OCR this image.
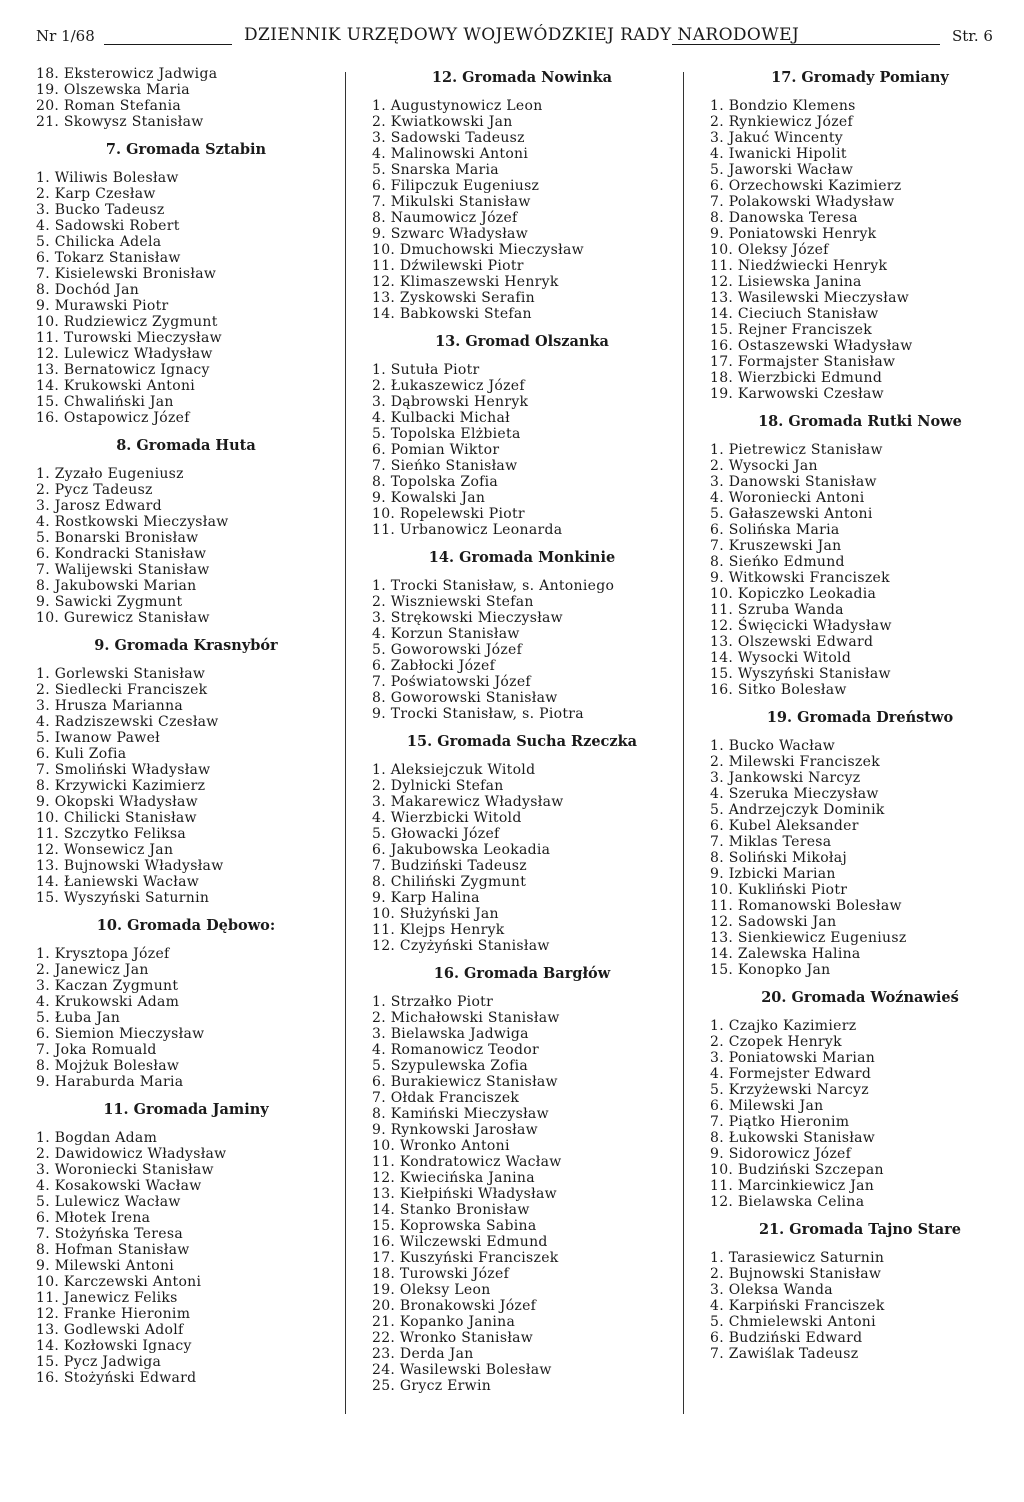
Nr 1/68	DZIENNIK URZĘDOWY WOJEWÓDZKIEJ RADY NARODOWEJ	Str. 6
18. Eksterowicz Jadwiga
19. Olszewska Maria
20. Roman Stefania
21. Skowysz Stanisław
7. Gromada Sztabin
1. Wiliwis Bolesław
2. Karp Czesław
3. Bucko Tadeusz
4. Sadowski Robert
5. Chilicka Adela
6. Tokarz Stanisław
7. Kisielewski Bronisław
8. Dochód Jan
9. Murawski Piotr
10. Rudziewicz Zygmunt
11. Turowski Mieczysław
12. Lulewicz Władysław
13. Bernatowicz Ignacy
14. Krukowski Antoni
15. Chwaliński Jan
16. Ostapowicz Józef
8. Gromada Huta
1. Zyzało Eugeniusz
2. Pycz Tadeusz
3. Jarosz Edward
4. Rostkowski Mieczysław
5. Bonarski Bronisław
6. Kondracki Stanisław
7. Walijewski Stanisław
8. Jakubowski Marian
9. Sawicki Zygmunt
10. Gurewicz Stanisław
9. Gromada Krasnybór
1. Gorlewski Stanisław
2. Siedlecki Franciszek
3. Hrusza Marianna
4. Radziszewski Czesław
5. Iwanow Paweł
6. Kuli Zofia
7. Smoliński Władysław
8. Krzywicki Kazimierz
9. Okopski Władysław
10. Chilicki Stanisław
11. Szczytko Feliksa
12. Wonsewicz Jan
13. Bujnowski Władysław
14. Łaniewski Wacław
15. Wyszyński Saturnin
10. Gromada Dębowo:
1. Krysztopa Józef
2. Janewicz Jan
3. Kaczan Zygmunt
4. Krukowski Adam
5. Łuba Jan
6. Siemion Mieczysław
7. Joka Romuald
8. Mojżuk Bolesław
9. Haraburda Maria
11. Gromada Jaminy
1. Bogdan Adam
2. Dawidowicz Władysław
3. Woroniecki Stanisław
4. Kosakowski Wacław
5. Lulewicz Wacław
6. Młotek Irena
7. Stożyńska Teresa
8. Hofman Stanisław
9. Milewski Antoni
10. Karczewski Antoni
11. Janewicz Feliks
12. Franke Hieronim
13. Godlewski Adolf
14. Kozłowski Ignacy
15. Pycz Jadwiga
16. Stożyński Edward
12. Gromada Nowinka
1. Augustynowicz Leon
2. Kwiatkowski Jan
3. Sadowski Tadeusz
4. Malinowski Antoni
5. Snarska Maria
6. Filipczuk Eugeniusz
7. Mikulski Stanisław
8. Naumowicz Józef
9. Szwarc Władysław
10. Dmuchowski Mieczysław
11. Dźwilewski Piotr
12. Klimaszewski Henryk
13. Zyskowski Serafin
14. Babkowski Stefan
13. Gromad Olszanka
1. Sutuła Piotr
2. Łukaszewicz Józef
3. Dąbrowski Henryk
4. Kulbacki Michał
5. Topolska Elżbieta
6. Pomian Wiktor
7. Sieńko Stanisław
8. Topolska Zofia
9. Kowalski Jan
10. Ropelewski Piotr
11. Urbanowicz Leonarda
14. Gromada Monkinie
1. Trocki Stanisław, s. Antoniego
2. Wiszniewski Stefan
3. Strękowski Mieczysław
4. Korzun Stanisław
5. Goworowski Józef
6. Zabłocki Józef
7. Poświatowski Józef
8. Goworowski Stanisław
9. Trocki Stanisław, s. Piotra
15. Gromada Sucha Rzeczka
1. Aleksiejczuk Witold
2. Dylnicki Stefan
3. Makarewicz Władysław
4. Wierzbicki Witold
5. Głowacki Józef
6. Jakubowska Leokadia
7. Budziński Tadeusz
8. Chiliński Zygmunt
9. Karp Halina
10. Służyński Jan
11. Klejps Henryk
12. Czyżyński Stanisław
16. Gromada Bargłów
1. Strzałko Piotr
2. Michałowski Stanisław
3. Bielawska Jadwiga
4. Romanowicz Teodor
5. Szypulewska Zofia
6. Burakiewicz Stanisław
7. Ołdak Franciszek
8. Kamiński Mieczysław
9. Rynkowski Jarosław
10. Wronko Antoni
11. Kondratowicz Wacław
12. Kwiecińska Janina
13. Kiełpiński Władysław
14. Stanko Bronisław
15. Koprowska Sabina
16. Wilczewski Edmund
17. Kuszyński Franciszek
18. Turowski Józef
19. Oleksy Leon
20. Bronakowski Józef
21. Kopanko Janina
22. Wronko Stanisław
23. Derda Jan
24. Wasilewski Bolesław
25. Grycz Erwin
17. Gromady Pomiany
1. Bondzio Klemens
2. Rynkiewicz Józef
3. Jakuć Wincenty
4. Iwanicki Hipolit
5. Jaworski Wacław
6. Orzechowski Kazimierz
7. Polakowski Władysław
8. Danowska Teresa
9. Poniatowski Henryk
10. Oleksy Józef
11. Niedźwiecki Henryk
12. Lisiewska Janina
13. Wasilewski Mieczysław
14. Cieciuch Stanisław
15. Rejner Franciszek
16. Ostaszewski Władysław
17. Formajster Stanisław
18. Wierzbicki Edmund
19. Karwowski Czesław
18. Gromada Rutki Nowe
1. Pietrewicz Stanisław
2. Wysocki Jan
3. Danowski Stanisław
4. Woroniecki Antoni
5. Gałaszewski Antoni
6. Solińska Maria
7. Kruszewski Jan
8. Sieńko Edmund
9. Witkowski Franciszek
10. Kopiczko Leokadia
11. Szruba Wanda
12. Święcicki Władysław
13. Olszewski Edward
14. Wysocki Witold
15. Wyszyński Stanisław
16. Sitko Bolesław
19. Gromada Dreństwo
1. Bucko Wacław
2. Milewski Franciszek
3. Jankowski Narcyz
4. Szeruka Mieczysław
5. Andrzejczyk Dominik
6. Kubel Aleksander
7. Miklas Teresa
8. Soliński Mikołaj
9. Izbicki Marian
10. Kukliński Piotr
11. Romanowski Bolesław
12. Sadowski Jan
13. Sienkiewicz Eugeniusz
14. Zalewska Halina
15. Konopko Jan
20. Gromada Woźnawieś
1. Czajko Kazimierz
2. Czopek Henryk
3. Poniatowski Marian
4. Formejster Edward
5. Krzyżewski Narcyz
6. Milewski Jan
7. Piątko Hieronim
8. Łukowski Stanisław
9. Sidorowicz Józef
10. Budziński Szczepan
11. Marcinkiewicz Jan
12. Bielawska Celina
21. Gromada Tajno Stare
1. Tarasiewicz Saturnin
2. Bujnowski Stanisław
3. Oleksa Wanda
4. Karpiński Franciszek
5. Chmielewski Antoni
6. Budziński Edward
7. Zawiślak Tadeusz
